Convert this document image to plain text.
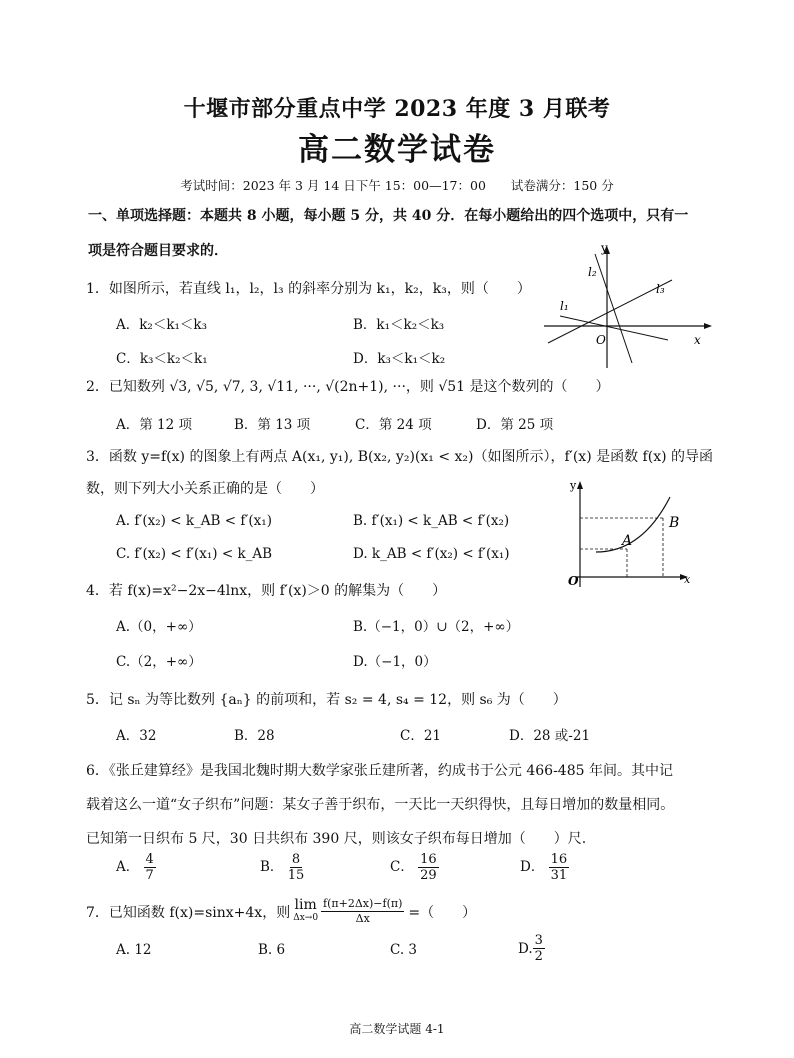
十堰市部分重点中学 2023 年度 3 月联考
高二数学试卷
考试时间：2023 年 3 月 14 日下午 15：00—17：00　　试卷满分：150 分
一、单项选择题：本题共 8 小题，每小题 5 分，共 40 分．在每小题给出的四个选项中，只有一
项是符合题目要求的．
1．如图所示，若直线 l₁，l₂，l₃ 的斜率分别为 k₁，k₂，k₃，则（　　）
A．k₂＜k₁＜k₃	B．k₁＜k₂＜k₃
C．k₃＜k₂＜k₁	D．k₃＜k₁＜k₂
y
x
O
l₁
l₂
l₃
2．已知数列 √3, √5, √7, 3, √11, ···, √(2n+1), ···，则 √51 是这个数列的（　　）
A．第 12 项	B．第 13 项	C．第 24 项	D．第 25 项
3．函数 y=f(x) 的图象上有两点 A(x₁, y₁), B(x₂, y₂)(x₁ < x₂)（如图所示），f′(x) 是函数 f(x) 的导函
数，则下列大小关系正确的是（　　）
A. f′(x₂) < k_AB < f′(x₁)	B. f′(x₁) < k_AB < f′(x₂)
C. f′(x₂) < f′(x₁) < k_AB	D. k_AB < f′(x₂) < f′(x₁)
y
x
O
A
B
4．若 f(x)=x²−2x−4lnx，则 f′(x)＞0 的解集为（　　）
A.（0，+∞）	B.（−1，0）∪（2，+∞）
C.（2，+∞）	D.（−1，0）
5．记 sₙ 为等比数列 {aₙ} 的前项和，若 s₂ = 4, s₄ = 12，则 s₆ 为（　　）
A．32	B．28	C．21	D．28 或-21
6．《张丘建算经》是我国北魏时期大数学家张丘建所著，约成书于公元 466-485 年间。其中记
载着这么一道“女子织布”问题：某女子善于织布，一天比一天织得快，且每日增加的数量相同。
已知第一日织布 5 尺，30 日共织布 390 尺，则该女子织布每日增加（　　）尺.
A． $\frac{4}{7}$	B． $\frac{8}{15}$	C． $\frac{16}{29}$	D． $\frac{16}{31}$
7．已知函数 f(x)=sinx+4x，则 lim
$\Delta x\to 0 \frac{f(\pi+2\Delta x)-f(\pi)}{\Delta x}$ =（　　）
A. 12	B. 6	C. 3	D. $\frac{3}{2}$
高二数学试题 4-1
